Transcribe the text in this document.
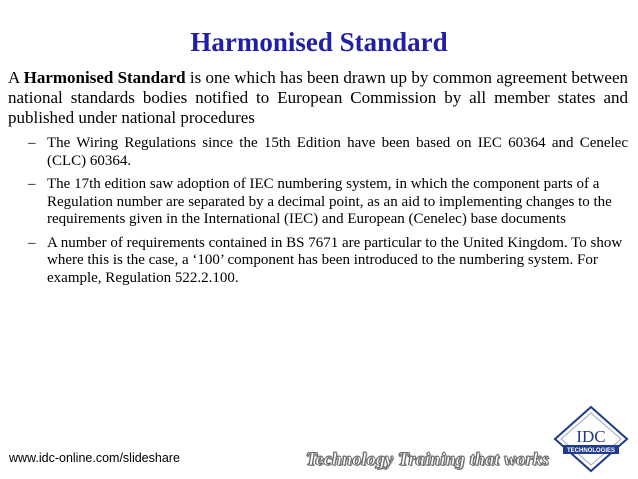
Harmonised Standard
A Harmonised Standard is one which has been drawn up by common agreement between national standards bodies notified to European Commission by all member states and published under national procedures
– The Wiring Regulations since the 15th Edition have been based on IEC 60364 and Cenelec (CLC) 60364.
– The 17th edition saw adoption of IEC numbering system, in which the component parts of a Regulation number are separated by a decimal point, as an aid to implementing changes to the requirements given in the International (IEC) and European (Cenelec) base documents
– A number of requirements contained in BS 7671 are particular to the United Kingdom. To show where this is the case, a ‘100’ component has been introduced to the numbering system. For example, Regulation 522.2.100.
www.idc-online.com/slideshare	Technology Training that works
IDC
TECHNOLOGIES
